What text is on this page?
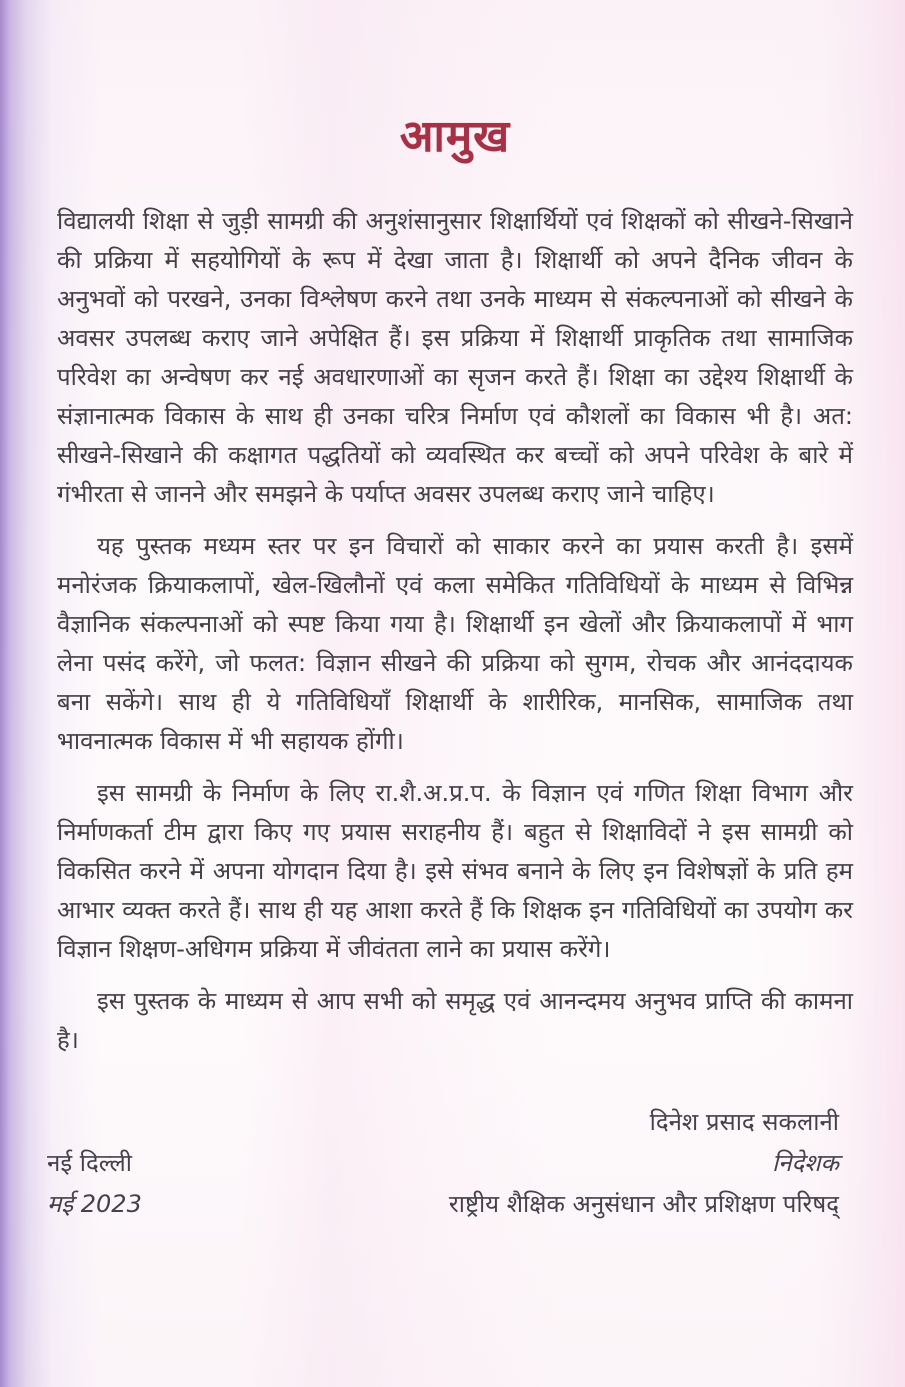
आमुख

विद्यालयी शिक्षा से जुड़ी सामग्री की अनुशंसानुसार शिक्षार्थियों एवं शिक्षकों को सीखने-सिखाने की प्रक्रिया में सहयोगियों के रूप में देखा जाता है। शिक्षार्थी को अपने दैनिक जीवन के अनुभवों को परखने, उनका विश्लेषण करने तथा उनके माध्यम से संकल्पनाओं को सीखने के अवसर उपलब्ध कराए जाने अपेक्षित हैं। इस प्रक्रिया में शिक्षार्थी प्राकृतिक तथा सामाजिक परिवेश का अन्वेषण कर नई अवधारणाओं का सृजन करते हैं। शिक्षा का उद्देश्य शिक्षार्थी के संज्ञानात्मक विकास के साथ ही उनका चरित्र निर्माण एवं कौशलों का विकास भी है। अत: सीखने-सिखाने की कक्षागत पद्धतियों को व्यवस्थित कर बच्चों को अपने परिवेश के बारे में गंभीरता से जानने और समझने के पर्याप्त अवसर उपलब्ध कराए जाने चाहिए।

यह पुस्तक मध्यम स्तर पर इन विचारों को साकार करने का प्रयास करती है। इसमें मनोरंजक क्रियाकलापों, खेल-खिलौनों एवं कला समेकित गतिविधियों के माध्यम से विभिन्न वैज्ञानिक संकल्पनाओं को स्पष्ट किया गया है। शिक्षार्थी इन खेलों और क्रियाकलापों में भाग लेना पसंद करेंगे, जो फलत: विज्ञान सीखने की प्रक्रिया को सुगम, रोचक और आनंददायक बना सकेंगे। साथ ही ये गतिविधियाँ शिक्षार्थी के शारीरिक, मानसिक, सामाजिक तथा भावनात्मक विकास में भी सहायक होंगी।

इस सामग्री के निर्माण के लिए रा.शै.अ.प्र.प. के विज्ञान एवं गणित शिक्षा विभाग और निर्माणकर्ता टीम द्वारा किए गए प्रयास सराहनीय हैं। बहुत से शिक्षाविदों ने इस सामग्री को विकसित करने में अपना योगदान दिया है। इसे संभव बनाने के लिए इन विशेषज्ञों के प्रति हम आभार व्यक्त करते हैं। साथ ही यह आशा करते हैं कि शिक्षक इन गतिविधियों का उपयोग कर विज्ञान शिक्षण-अधिगम प्रक्रिया में जीवंतता लाने का प्रयास करेंगे।

इस पुस्तक के माध्यम से आप सभी को समृद्ध एवं आनन्दमय अनुभव प्राप्ति की कामना है।

दिनेश प्रसाद सकलानी
निदेशक
राष्ट्रीय शैक्षिक अनुसंधान और प्रशिक्षण परिषद्
नई दिल्ली
मई 2023
